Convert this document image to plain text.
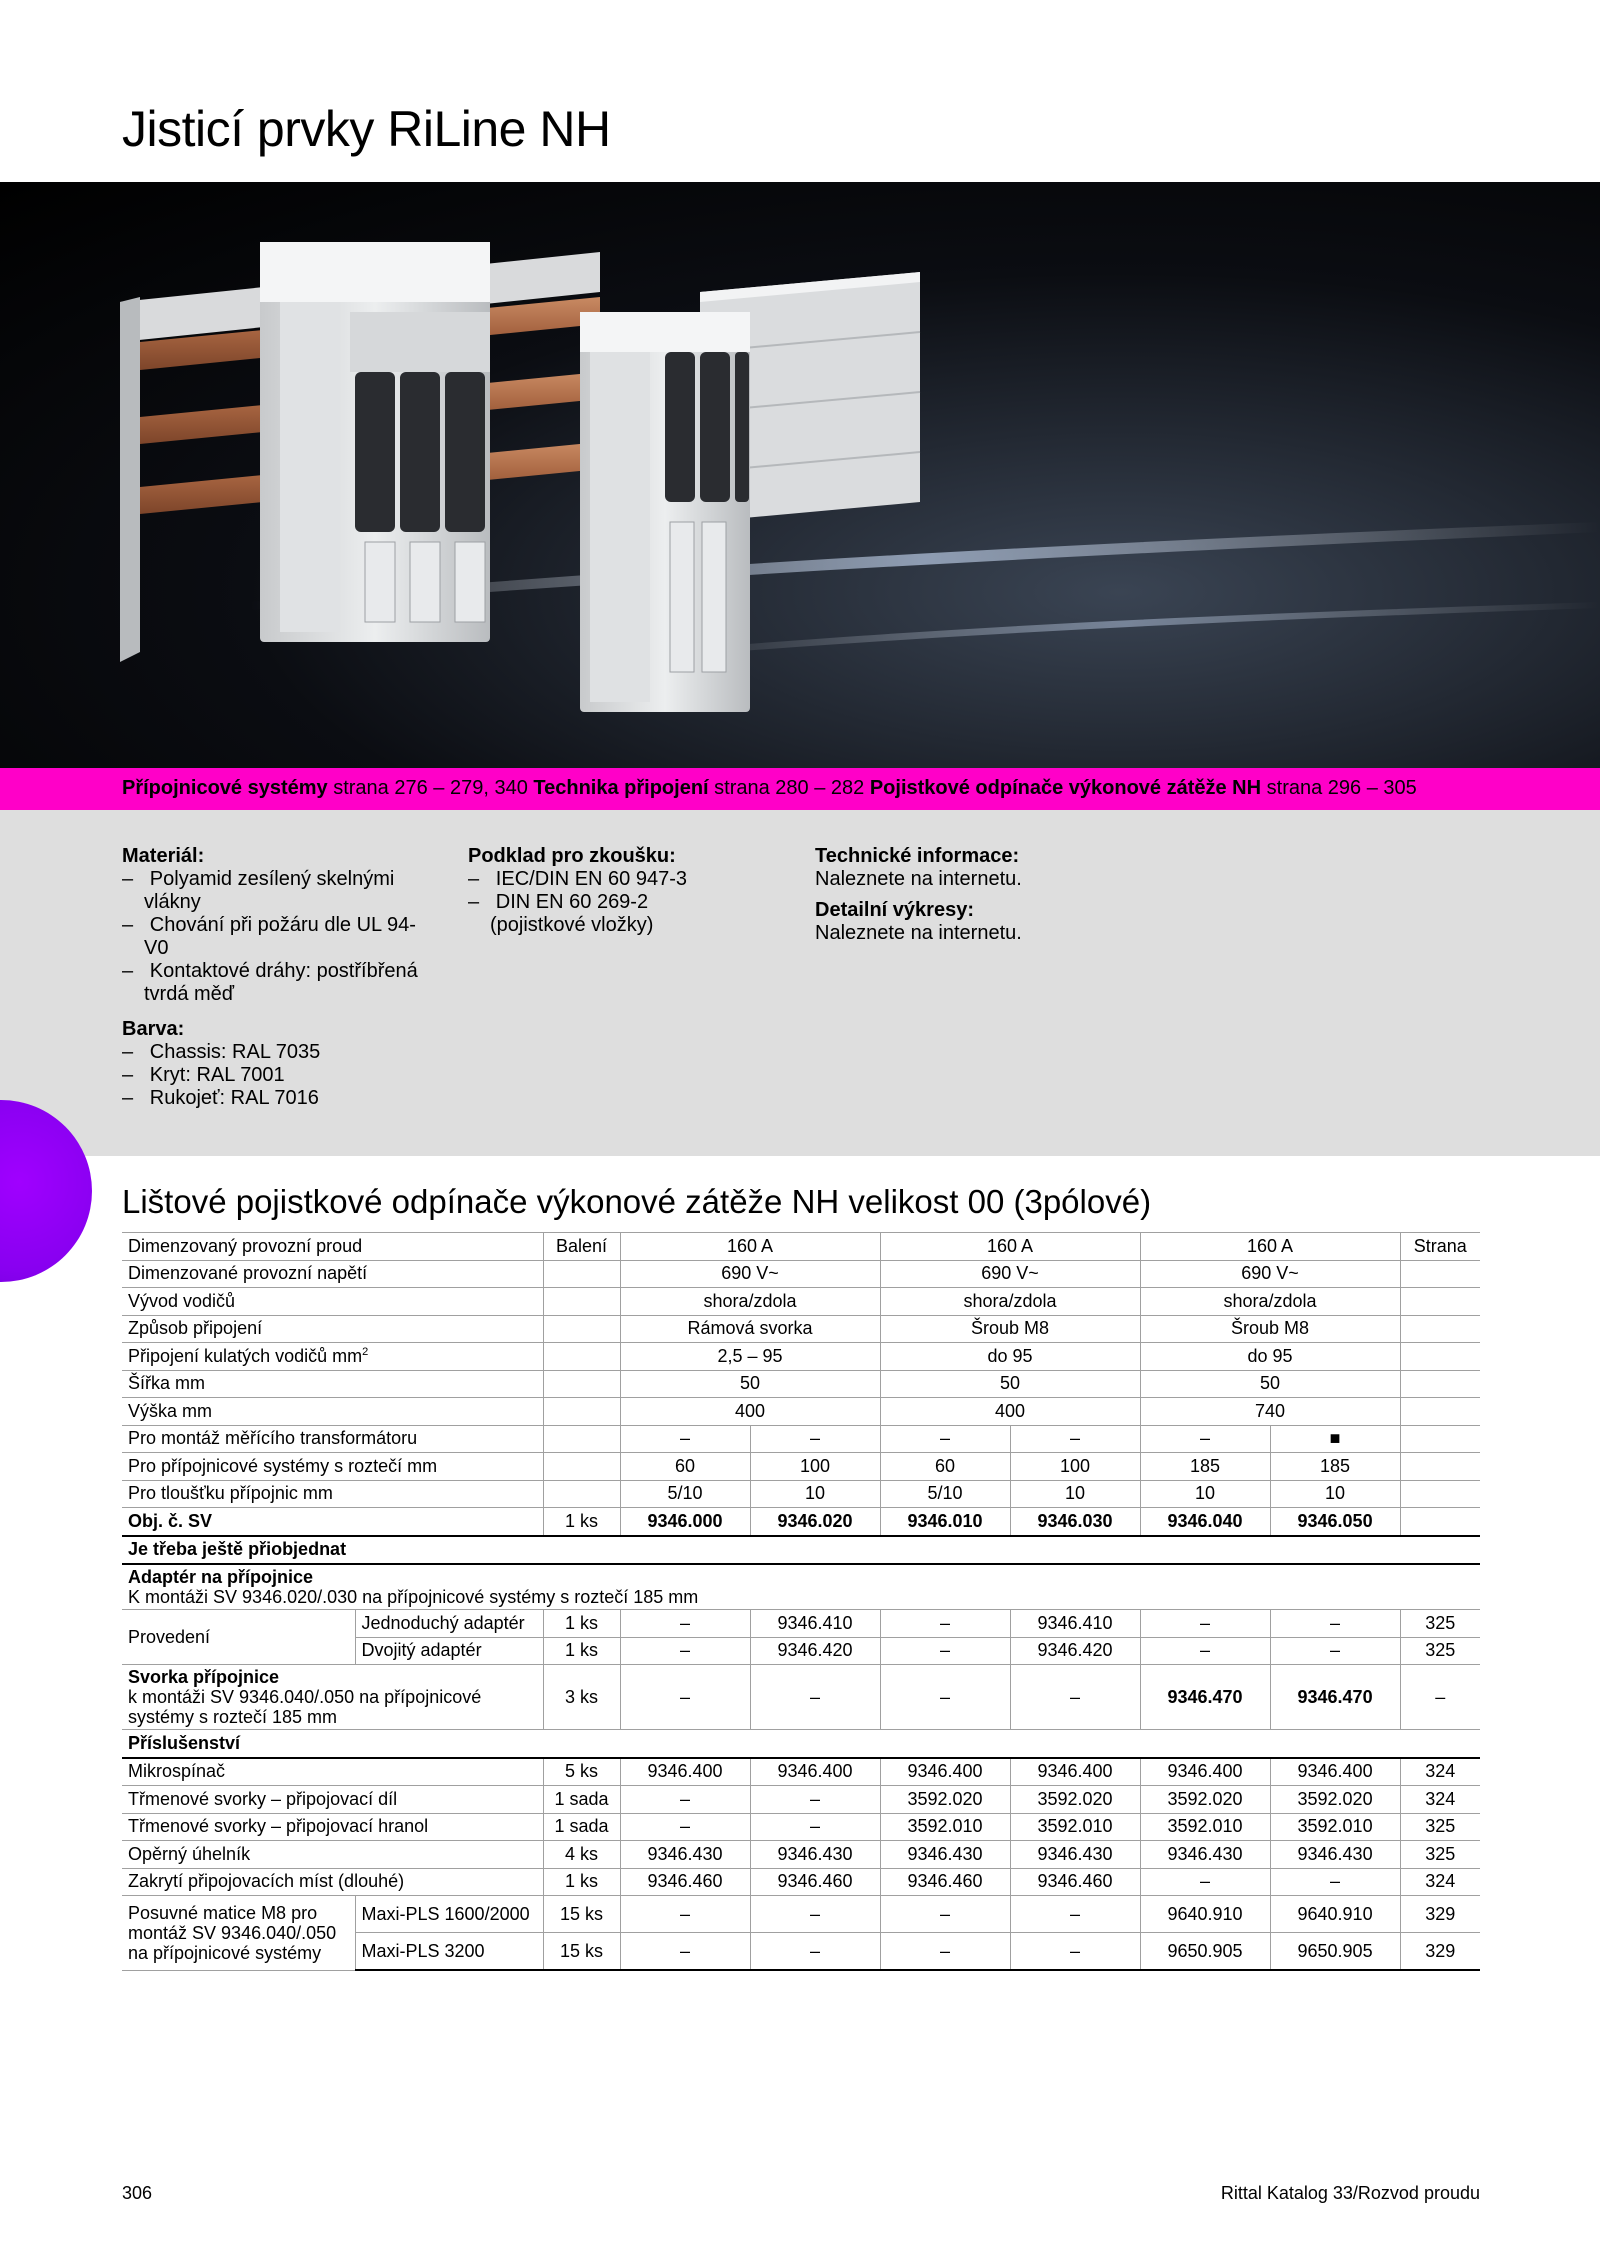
Jisticí prvky RiLine NH
Přípojnicové systémy strana 276 – 279, 340 Technika připojení strana 280 – 282 Pojistkové odpínače výkonové zátěže NH strana 296 – 305
Materiál:
–   Polyamid zesílený skelnými vlákny
–   Chování při požáru dle UL 94-V0
–   Kontaktové dráhy: postříbřená tvrdá měď
Barva:
–   Chassis: RAL 7035
–   Kryt: RAL 7001
–   Rukojeť: RAL 7016
Podklad pro zkoušku:
–   IEC/DIN EN 60 947-3
–   DIN EN 60 269-2 (pojistkové vložky)
Technické informace:
Naleznete na internetu.
Detailní výkresy:
Naleznete na internetu.
Lištové pojistkové odpínače výkonové zátěže NH velikost 00 (3pólové)
Dimenzovaný provozní proud		Balení	160 A		160 A		160 A		Strana
Dimenzované provozní napětí			690 V~		690 V~		690 V~		
Vývod vodičů			shora/zdola		shora/zdola		shora/zdola		
Způsob připojení			Rámová svorka		Šroub M8		Šroub M8		
Připojení kulatých vodičů $mm^2$			2,5 – 95		do 95		do 95		
Šířka mm			50		50		50		
Výška mm			400		400		740		
Pro montáž měřícího transformátoru			–	–	–	–	–	■	
Pro přípojnicové systémy s roztečí mm			60	100	60	100	185	185	
Pro tloušťku přípojnic mm			5/10	10	5/10	10	10	10	
Obj. č. SV		1 ks	9346.000	9346.020	9346.010	9346.030	9346.040	9346.050	
Je třeba ještě přiobjednat									
Adaptér na přípojnice
K montáži SV 9346.020/.030 na přípojnicové systémy s roztečí 185 mm									
Provedení	Jednoduchý adaptér	1 ks	–	9346.410	–	9346.410	–	–	325
	Dvojitý adaptér	1 ks	–	9346.420	–	9346.420	–	–	325
Svorka přípojnice
k montáži SV 9346.040/.050 na přípojnicové systémy s roztečí 185 mm		3 ks	–	–	–	–	9346.470	9346.470	–
Příslušenství									
Mikrospínač		5 ks	9346.400	9346.400	9346.400	9346.400	9346.400	9346.400	324
Třmenové svorky – připojovací díl		1 sada	–	–	3592.020	3592.020	3592.020	3592.020	324
Třmenové svorky – připojovací hranol		1 sada	–	–	3592.010	3592.010	3592.010	3592.010	325
Opěrný úhelník		4 ks	9346.430	9346.430	9346.430	9346.430	9346.430	9346.430	325
Zakrytí připojovacích míst (dlouhé)		1 ks	9346.460	9346.460	9346.460	9346.460	–	–	324
Posuvné matice M8 pro montáž SV 9346.040/.050 na přípojnicové systémy	Maxi-PLS 1600/2000	15 ks	–	–	–	–	9640.910	9640.910	329
	Maxi-PLS 3200	15 ks	–	–	–	–	9650.905	9650.905	329
306	Rittal Katalog 33/Rozvod proudu
